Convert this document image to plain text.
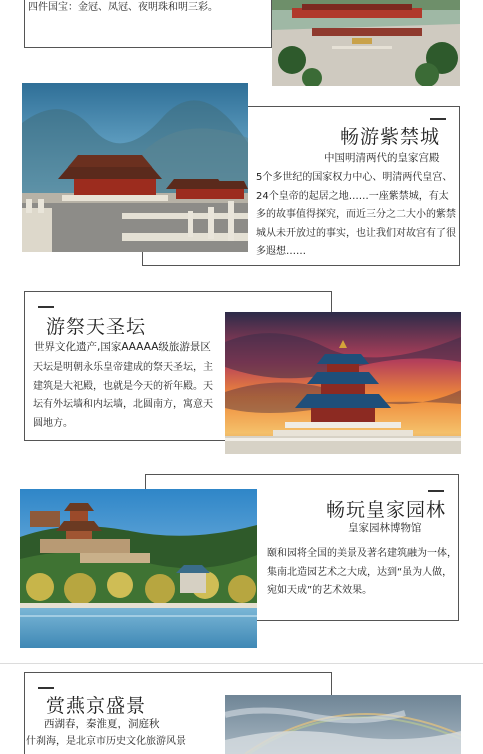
四件国宝：金冠、凤冠、夜明珠和明三彩。
畅游紫禁城
中国明清两代的皇家宫殿
5个多世纪的国家权力中心、明清两代皇宫、24个皇帝的起居之地……一座紫禁城，有太多的故事值得探究，而近三分之二大小的紫禁城从未开放过的事实，也让我们对故宫有了很多遐想……
游祭天圣坛
世界文化遗产,国家AAAAA级旅游景区
天坛是明朝永乐皇帝建成的祭天圣坛，主建筑是大祀殿，也就是今天的祈年殿。天坛有外坛墙和内坛墙，北圆南方，寓意天圆地方。
畅玩皇家园林
皇家园林博物馆
颐和园将全国的美景及著名建筑融为一体，集南北造园艺术之大成，达到“虽为人做，宛如天成”的艺术效果。
赏燕京盛景
西湖春，秦淮夏，洞庭秋
什刹海，是北京市历史文化旅游风景
